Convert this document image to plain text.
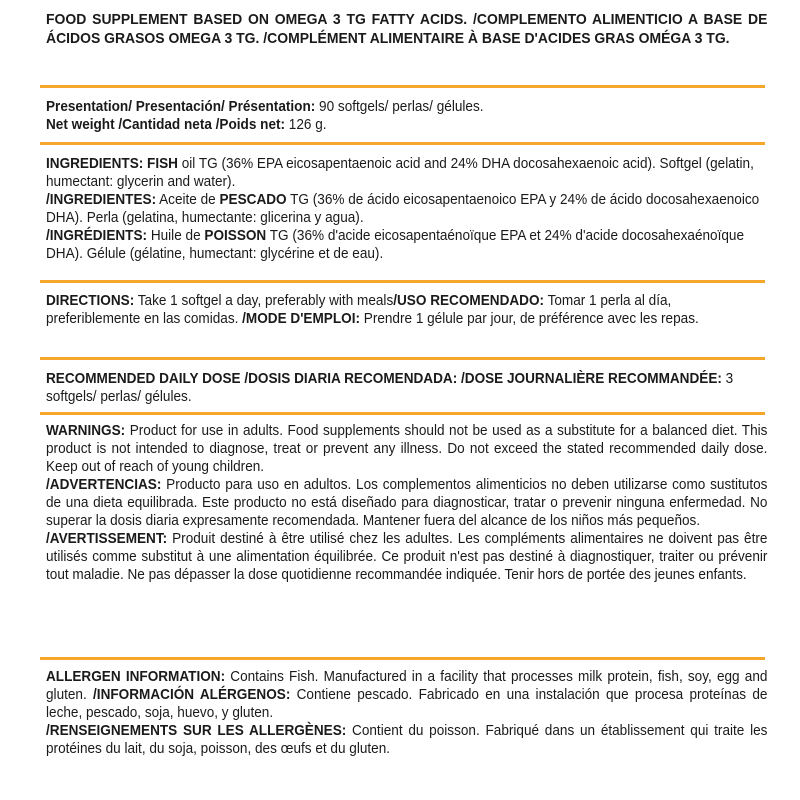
FOOD SUPPLEMENT BASED ON OMEGA 3 TG FATTY ACIDS. /COMPLEMENTO ALIMENTICIO A BASE DE ÁCIDOS GRASOS OMEGA 3 TG. /COMPLÉMENT ALIMENTAIRE À BASE D'ACIDES GRAS OMÉGA 3 TG.

Presentation/ Presentación/ Présentation: 90 softgels/ perlas/ gélules.

Net weight /Cantidad neta /Poids net: 126 g.

INGREDIENTS: FISH oil TG (36% EPA eicosapentaenoic acid and 24% DHA docosahexaenoic acid). Softgel (gelatin, humectant: glycerin and water).

/INGREDIENTES: Aceite de PESCADO TG (36% de ácido eicosapentaenoico EPA y 24% de ácido docosahexaenoico DHA). Perla (gelatina, humectante: glicerina y agua).

/INGRÉDIENTS: Huile de POISSON TG (36% d'acide eicosapentaénoïque EPA et 24% d'acide docosahexaénoïque DHA). Gélule (gélatine, humectant: glycérine et de eau).

DIRECTIONS: Take 1 softgel a day, preferably with meals/USO RECOMENDADO: Tomar 1 perla al día, preferiblemente en las comidas. /MODE D'EMPLOI: Prendre 1 gélule par jour, de préférence avec les repas.

RECOMMENDED DAILY DOSE /DOSIS DIARIA RECOMENDADA: /DOSE JOURNALIÈRE RECOMMANDÉE: 3 softgels/ perlas/ gélules.

WARNINGS: Product for use in adults. Food supplements should not be used as a substitute for a balanced diet. This product is not intended to diagnose, treat or prevent any illness. Do not exceed the stated recommended daily dose. Keep out of reach of young children.

/ADVERTENCIAS: Producto para uso en adultos. Los complementos alimenticios no deben utilizarse como sustitutos de una dieta equilibrada. Este producto no está diseñado para diagnosticar, tratar o prevenir ninguna enfermedad. No superar la dosis diaria expresamente recomendada. Mantener fuera del alcance de los niños más pequeños.

/AVERTISSEMENT: Produit destiné à être utilisé chez les adultes. Les compléments alimentaires ne doivent pas être utilisés comme substitut à une alimentation équilibrée. Ce produit n'est pas destiné à diagnostiquer, traiter ou prévenir tout maladie. Ne pas dépasser la dose quotidienne recommandée indiquée. Tenir hors de portée des jeunes enfants.

ALLERGEN INFORMATION: Contains Fish. Manufactured in a facility that processes milk protein, fish, soy, egg and gluten. /INFORMACIÓN ALÉRGENOS: Contiene pescado. Fabricado en una instalación que procesa proteínas de leche, pescado, soja, huevo, y gluten.
/RENSEIGNEMENTS SUR LES ALLERGÈNES: Contient du poisson. Fabriqué dans un établissement qui traite les protéines du lait, du soja, poisson, des œufs et du gluten.
